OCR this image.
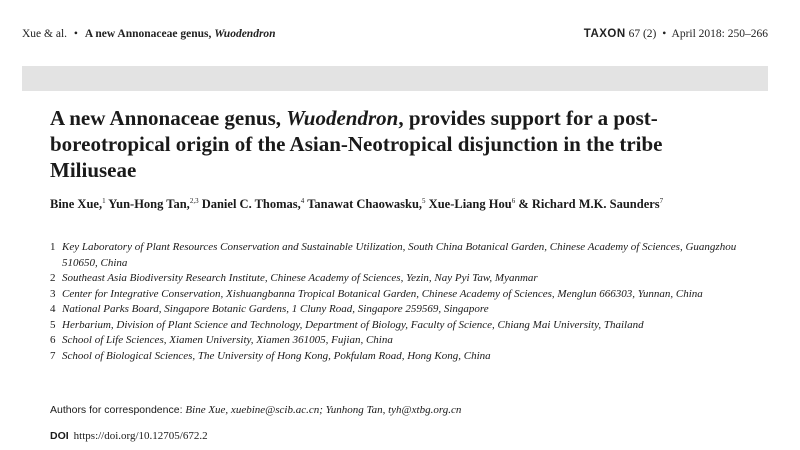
Xue & al. • A new Annonaceae genus, Wuodendron	TAXON 67 (2) • April 2018: 250–266
A new Annonaceae genus, Wuodendron, provides support for a post-boreotropical origin of the Asian-Neotropical disjunction in the tribe Miliuseae
Bine Xue,$^1$ Yun-Hong Tan,$^{2,3}$ Daniel C. Thomas,$^4$ Tanawat Chaowasku,$^5$ Xue-Liang Hou$^6$ & Richard M.K. Saunders$^7$
1 Key Laboratory of Plant Resources Conservation and Sustainable Utilization, South China Botanical Garden, Chinese Academy of Sciences, Guangzhou 510650, China
2 Southeast Asia Biodiversity Research Institute, Chinese Academy of Sciences, Yezin, Nay Pyi Taw, Myanmar
3 Center for Integrative Conservation, Xishuangbanna Tropical Botanical Garden, Chinese Academy of Sciences, Menglun 666303, Yunnan, China
4 National Parks Board, Singapore Botanic Gardens, 1 Cluny Road, Singapore 259569, Singapore
5 Herbarium, Division of Plant Science and Technology, Department of Biology, Faculty of Science, Chiang Mai University, Thailand
6 School of Life Sciences, Xiamen University, Xiamen 361005, Fujian, China
7 School of Biological Sciences, The University of Hong Kong, Pokfulam Road, Hong Kong, China
Authors for correspondence: Bine Xue, xuebine@scib.ac.cn; Yunhong Tan, tyh@xtbg.org.cn
DOI https://doi.org/10.12705/672.2
